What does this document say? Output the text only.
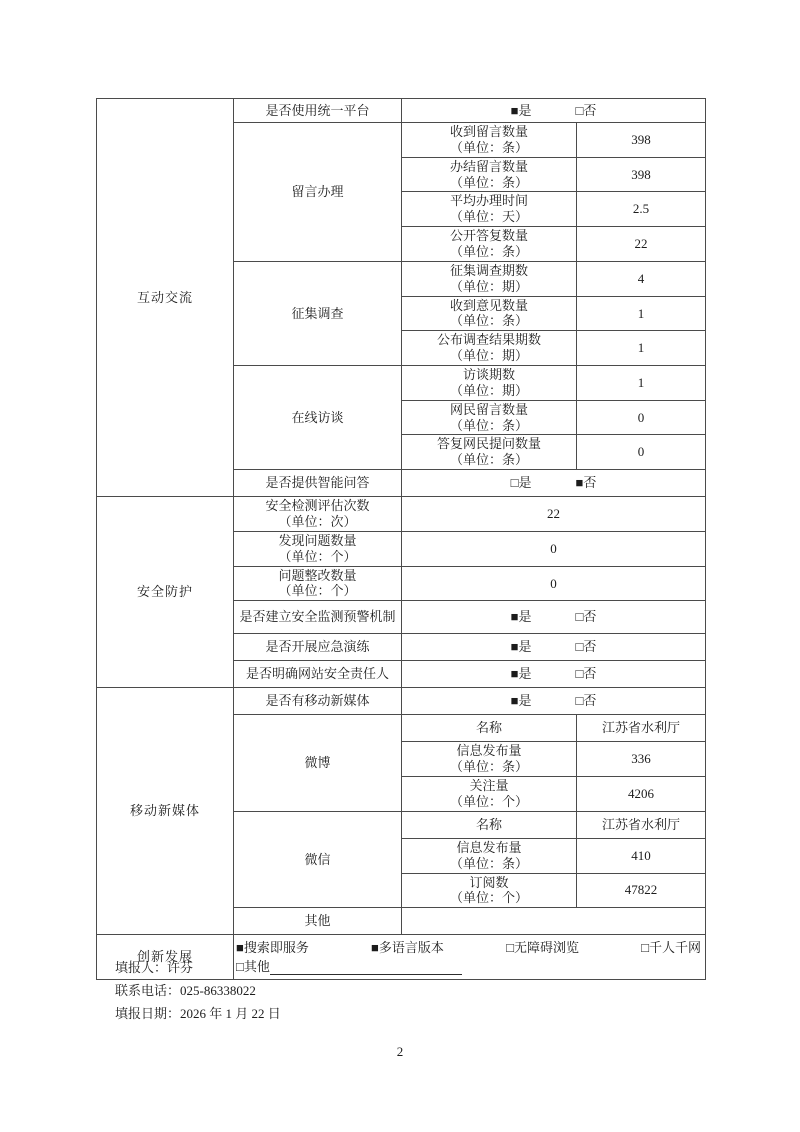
互动交流	是否使用统一平台	■是 □否	

	留言办理	收到留言数量
（单位：条）	398

		办结留言数量
（单位：条）	398

		平均办理时间
（单位：天）	2.5

		公开答复数量
（单位：条）	22
	征集调查	征集调查期数
（单位：期）	4

		收到意见数量
（单位：条）	1

		公布调查结果期数
（单位：期）	1
	在线访谈	访谈期数
（单位：期）	1

		网民留言数量
（单位：条）	0

		答复网民提问数量
（单位：条）	0
	是否提供智能问答	□是 ■否	

安全防护	安全检测评估次数
（单位：次）	22	

	发现问题数量
（单位：个）	0	

	问题整改数量
（单位：个）	0	
	是否建立安全监测预警机制	■是 □否	

	是否开展应急演练	■是 □否	

	是否明确网站安全责任人	■是 □否	

移动新媒体	是否有移动新媒体	■是 □否	

	微博	名称	江苏省水利厅

		信息发布量
（单位：条）	336

		关注量
（单位：个）	4206
	微信	名称	江苏省水利厅

		信息发布量
（单位：条）	410

		订阅数
（单位：个）	47822
	其他		
创新发展	■搜索即服务 ■多语言版本 □无障碍浏览 □千人千网
□其他		
填报人：许芬
联系电话：025-86338022
填报日期：2026 年 1 月 22 日
2
